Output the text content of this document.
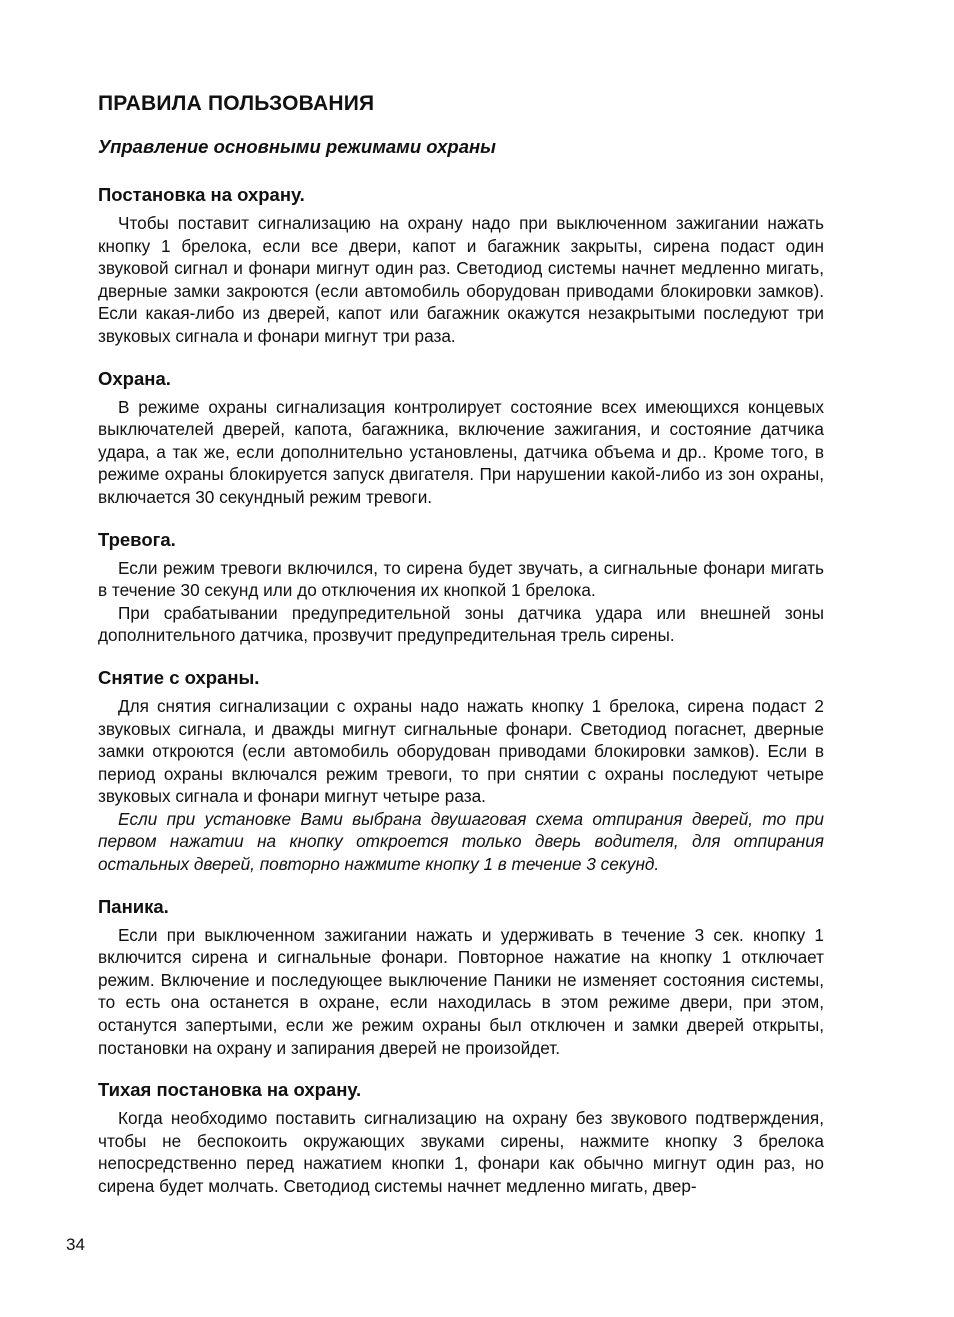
ПРАВИЛА ПОЛЬЗОВАНИЯ
Управление основными режимами охраны
Постановка на охрану.

Чтобы поставит сигнализацию на охрану надо при выключенном зажигании нажать кнопку 1 брелока, если все двери, капот и багажник закрыты, сирена подаст один звуковой сигнал и фонари мигнут один раз. Светодиод системы начнет медленно мигать, дверные замки закроются (если автомобиль оборудован приводами блокировки замков). Если какая-либо из дверей, капот или багажник окажутся незакрытыми последуют три звуковых сигнала и фонари мигнут три раза.

Охрана.

В режиме охраны сигнализация контролирует состояние всех имеющихся концевых выключателей дверей, капота, багажника, включение зажигания, и состояние датчика удара, а так же, если дополнительно установлены, датчика объема и др.. Кроме того, в режиме охраны блокируется запуск двигателя. При нарушении какой-либо из зон охраны, включается 30 секундный режим тревоги.

Тревога.

Если режим тревоги включился, то сирена будет звучать, а сигнальные фонари мигать в течение 30 секунд или до отключения их кнопкой 1 брелока.

При срабатывании предупредительной зоны датчика удара или внешней зоны дополнительного датчика, прозвучит предупредительная трель сирены.

Снятие с охраны.

Для снятия сигнализации с охраны надо нажать кнопку 1 брелока, сирена подаст 2 звуковых сигнала, и дважды мигнут сигнальные фонари. Светодиод погаснет, дверные замки откроются (если автомобиль оборудован приводами блокировки замков). Если в период охраны включался режим тревоги, то при снятии с охраны последуют четыре звуковых сигнала и фонари мигнут четыре раза.

Если при установке Вами выбрана двушаговая схема отпирания дверей, то при первом нажатии на кнопку откроется только дверь водителя, для отпирания остальных дверей, повторно нажмите кнопку 1 в течение 3 секунд.

Паника.

Если при выключенном зажигании нажать и удерживать в течение 3 сек. кнопку 1 включится сирена и сигнальные фонари. Повторное нажатие на кнопку 1 отключает режим. Включение и последующее выключение Паники не изменяет состояния системы, то есть она останется в охране, если находилась в этом режиме двери, при этом, останутся запертыми, если же режим охраны был отключен и замки дверей открыты, постановки на охрану и запирания дверей не произойдет.

Тихая постановка на охрану.

Когда необходимо поставить сигнализацию на охрану без звукового подтверждения, чтобы не беспокоить окружающих звуками сирены, нажмите кнопку 3 брелока непосредственно перед нажатием кнопки 1, фонари как обычно мигнут один раз, но сирена будет молчать. Светодиод системы начнет медленно мигать, двер-

34
